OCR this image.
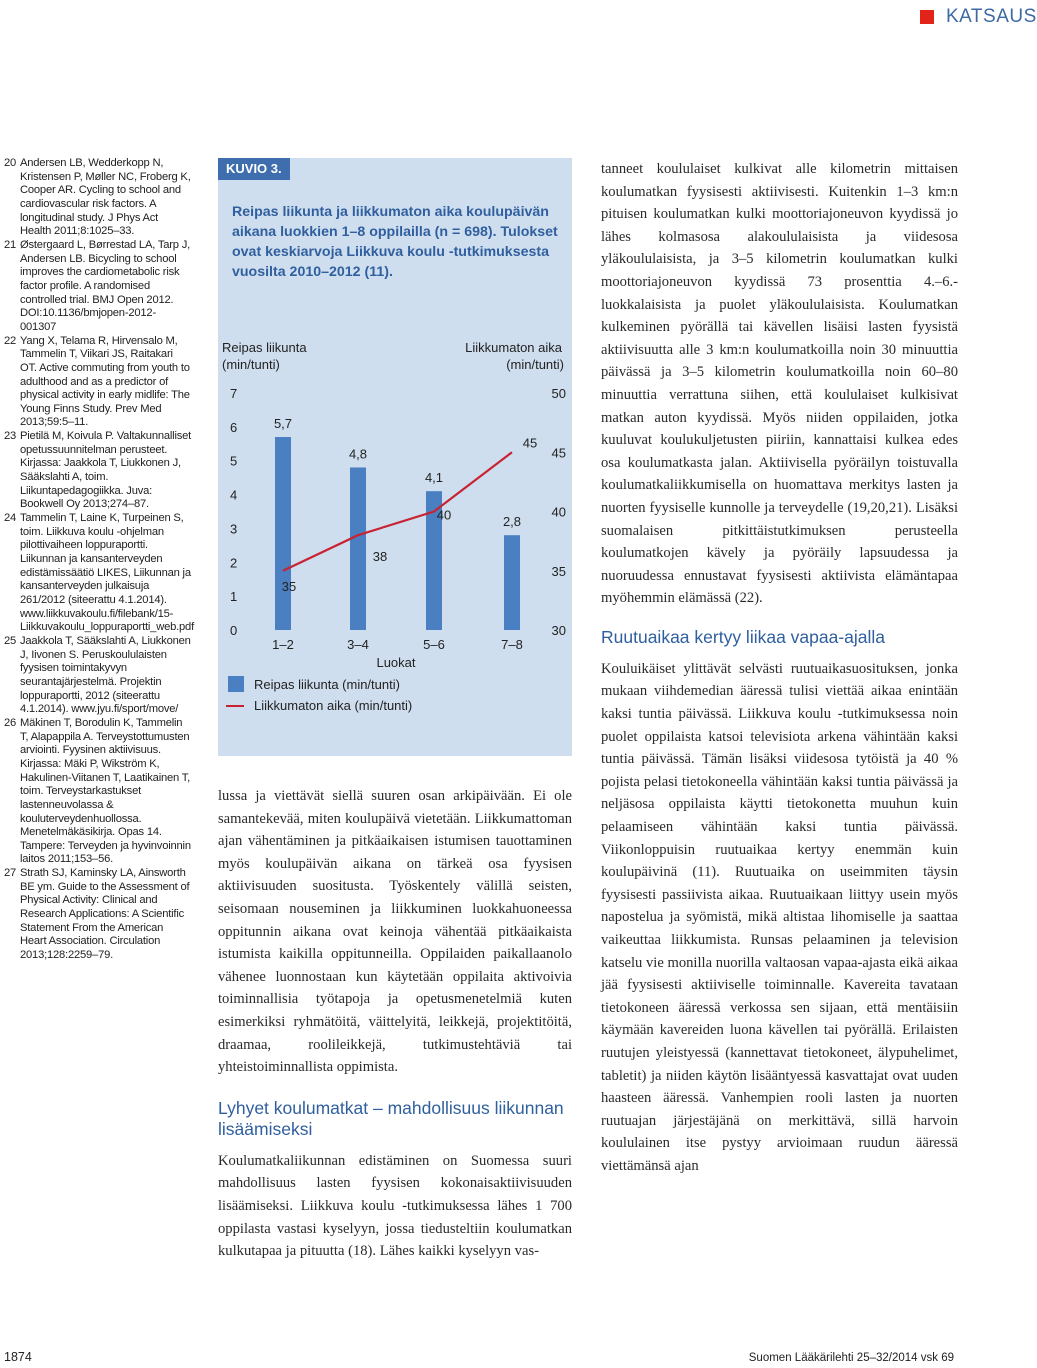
KATSAUS
20 Andersen LB, Wedderkopp N, Kristensen P, Møller NC, Froberg K, Cooper AR. Cycling to school and cardiovascular risk factors. A longitudinal study. J Phys Act Health 2011;8:1025–33.
21 Østergaard L, Børrestad LA, Tarp J, Andersen LB. Bicycling to school improves the cardiometabolic risk factor profile. A randomised controlled trial. BMJ Open 2012. DOI:10.1136/bmjopen-2012-001307
22 Yang X, Telama R, Hirvensalo M, Tammelin T, Viikari JS, Raitakari OT. Active commuting from youth to adulthood and as a predictor of physical activity in early midlife: The Young Finns Study. Prev Med 2013;59:5–11.
23 Pietilä M, Koivula P. Valtakunnalliset opetussuunnitelman perusteet. Kirjassa: Jaakkola T, Liukkonen J, Sääkslahti A, toim. Liikuntapedagogiikka. Juva: Bookwell Oy 2013;274–87.
24 Tammelin T, Laine K, Turpeinen S, toim. Liikkuva koulu -ohjelman pilottivaiheen loppuraportti. Liikunnan ja kansanterveyden edistämissäätiö LIKES, Liikunnan ja kansanterveyden julkaisuja 261/2012 (siteerattu 4.1.2014). www.liikkuvakoulu.fi/filebank/15-Liikkuvakoulu_loppuraportti_web.pdf
25 Jaakkola T, Sääkslahti A, Liukkonen J, Iivonen S. Peruskoululaisten fyysisen toimintakyvyn seurantajärjestelmä. Projektin loppuraportti, 2012 (siteerattu 4.1.2014). www.jyu.fi/sport/move/
26 Mäkinen T, Borodulin K, Tammelin T, Alapappila A. Terveystottumusten arviointi. Fyysinen aktiivisuus. Kirjassa: Mäki P, Wikström K, Hakulinen-Viitanen T, Laatikainen T, toim. Terveystarkastukset lastenneuvolassa & kouluterveydenhuollossa. Menetelmäkäsikirja. Opas 14. Tampere: Terveyden ja hyvinvoinnin laitos 2011;153–56.
27 Strath SJ, Kaminsky LA, Ainsworth BE ym. Guide to the Assessment of Physical Activity: Clinical and Research Applications: A Scientific Statement From the American Heart Association. Circulation 2013;128:2259–79.
KUVIO 3.
Reipas liikunta ja liikkumaton aika koulupäivän aikana luokkien 1–8 oppilailla (n = 698). Tulokset ovat keskiarvoja Liikkuva koulu -tutkimuksesta vuosilta 2010–2012 (11).
Reipas liikunta
(min/tunti)
Liikkumaton aika
(min/tunti)
0
1
2
3
4
5
6
7
30
35
40
45
50
5,7
4,8
4,1
2,8
35
38
40
45
1–2	3–4	5–6	7–8
Luokat
Reipas liikunta (min/tunti)
Liikkumaton aika (min/tunti)

lussa ja viettävät siellä suuren osan arkipäivään. Ei ole samantekevää, miten koulupäivä vietetään. Liikkumattoman ajan vähentäminen ja pitkäaikaisen istumisen tauottaminen myös koulupäivän aikana on tärkeä osa fyysisen aktiivisuuden suositusta. Työskentely välillä seisten, seisomaan nouseminen ja liikkuminen luokkahuoneessa oppitunnin aikana ovat keinoja vähentää pitkäaikaista istumista kaikilla oppitunneilla. Oppilaiden paikallaanolo vähenee luonnostaan kun käytetään oppilaita aktivoivia toiminnallisia työtapoja ja opetusmenetelmiä kuten esimerkiksi ryhmätöitä, väittelyitä, leikkejä, projektitöitä, draamaa, roolileikkejä, tutkimustehtäviä tai yhteistoiminnallista oppimista.

Lyhyet koulumatkat – mahdollisuus liikunnan lisäämiseksi

Koulumatkaliikunnan edistäminen on Suomessa suuri mahdollisuus lasten fyysisen kokonaisaktiivisuuden lisäämiseksi. Liikkuva koulu -tutkimuksessa lähes 1 700 oppilasta vastasi kyselyyn, jossa tiedusteltiin koulumatkan kulkutapaa ja pituutta (18). Lähes kaikki kyselyyn vas-

tanneet koululaiset kulkivat alle kilometrin mittaisen koulumatkan fyysisesti aktiivisesti. Kuitenkin 1–3 km:n pituisen koulumatkan kulki moottoriajoneuvon kyydissä jo lähes kolmasosa alakoululaisista ja viidesosa yläkoululaisista, ja 3–5 kilometrin koulumatkan kulki moottoriajoneuvon kyydissä 73 prosenttia 4.–6.-luokkalaisista ja puolet yläkoululaisista. Koulumatkan kulkeminen pyörällä tai kävellen lisäisi lasten fyysistä aktiivisuutta alle 3 km:n koulumatkoilla noin 30 minuuttia päivässä ja 3–5 kilometrin koulumatkoilla noin 60–80 minuuttia verrattuna siihen, että koululaiset kulkisivat matkan auton kyydissä. Myös niiden oppilaiden, jotka kuuluvat koulukuljetusten piiriin, kannattaisi kulkea edes osa koulumatkasta jalan. Aktiivisella pyöräilyn toistuvalla koulumatkaliikkumisella on huomattava merkitys lasten ja nuorten fyysiselle kunnolle ja terveydelle (19,20,21). Lisäksi suomalaisen pitkittäistutkimuksen perusteella koulumatkojen kävely ja pyöräily lapsuudessa ja nuoruudessa ennustavat fyysisesti aktiivista elämäntapaa myöhemmin elämässä (22).

Ruutuaikaa kertyy liikaa vapaa-ajalla

Kouluikäiset ylittävät selvästi ruutuaikasuosituksen, jonka mukaan viihdemedian ääressä tulisi viettää aikaa enintään kaksi tuntia päivässä. Liikkuva koulu -tutkimuksessa noin puolet oppilaista katsoi televisiota arkena vähintään kaksi tuntia päivässä. Tämän lisäksi viidesosa tytöistä ja 40 % pojista pelasi tietokoneella vähintään kaksi tuntia päivässä ja neljäsosa oppilaista käytti tietokonetta muuhun kuin pelaamiseen vähintään kaksi tuntia päivässä. Viikonloppuisin ruutuaikaa kertyy enemmän kuin koulupäivinä (11). Ruutuaika on useimmiten täysin fyysisesti passiivista aikaa. Ruutuaikaan liittyy usein myös napostelua ja syömistä, mikä altistaa lihomiselle ja saattaa vaikeuttaa liikkumista. Runsas pelaaminen ja television katselu vie monilla nuorilla valtaosan vapaa-ajasta eikä aikaa jää fyysisesti aktiiviselle toiminnalle. Kavereita tavataan tietokoneen ääressä verkossa sen sijaan, että mentäisiin käymään kavereiden luona kävellen tai pyörällä. Erilaisten ruutujen yleistyessä (kannettavat tietokoneet, älypuhelimet, tabletit) ja niiden käytön lisääntyessä kasvattajat ovat uuden haasteen ääressä. Vanhempien rooli lasten ja nuorten ruutuajan järjestäjänä on merkittävä, sillä harvoin koululainen itse pystyy arvioimaan ruudun ääressä viettämänsä ajan

1874	Suomen Lääkärilehti 25–32/2014 vsk 69
